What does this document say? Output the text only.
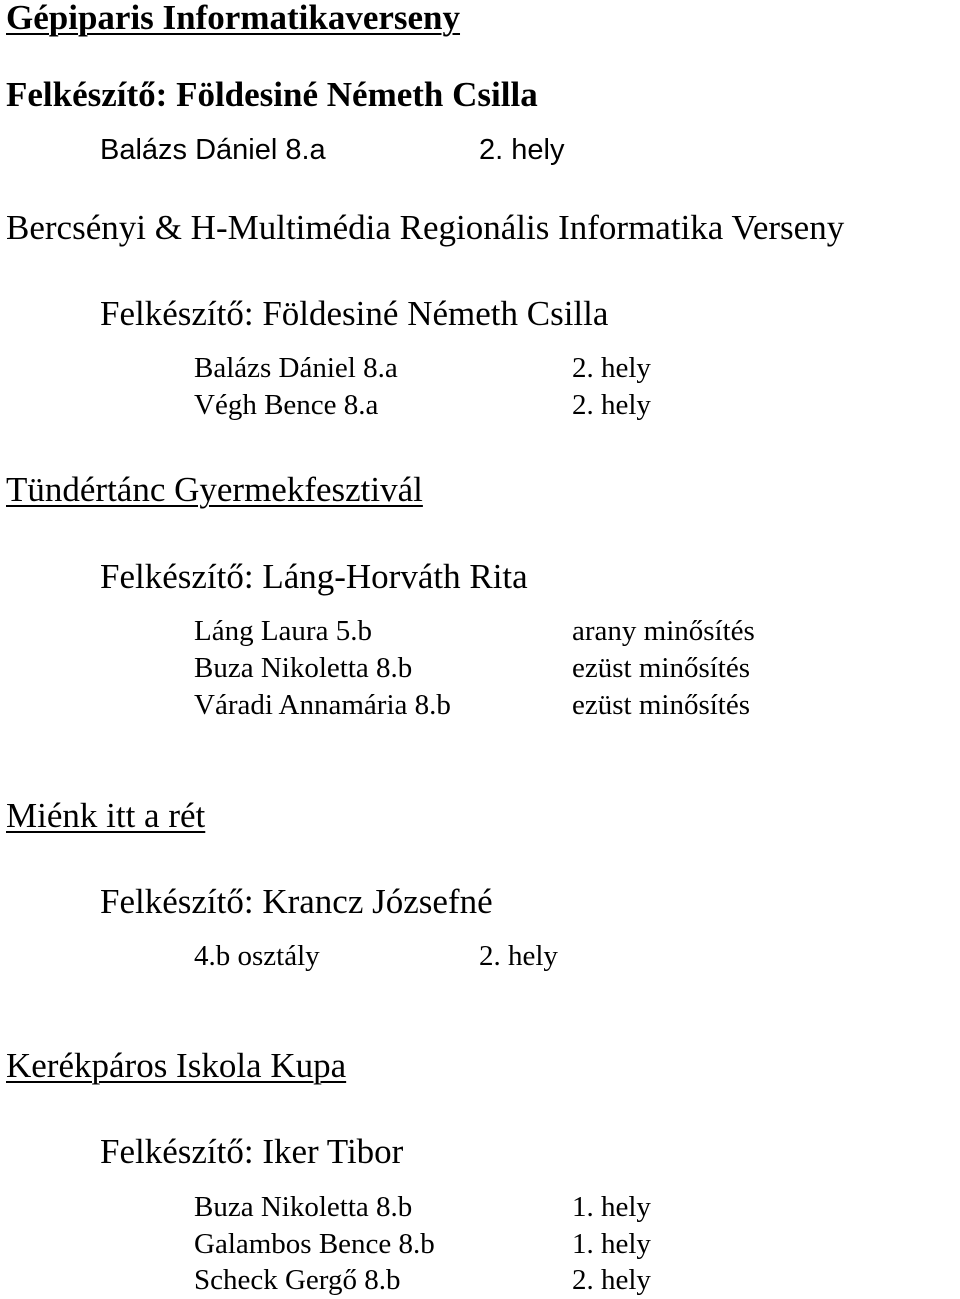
Gépiparis Informatikaverseny
Felkészítő: Földesiné Németh Csilla
Balázs Dániel 8.a	2. hely
Bercsényi & H-Multimédia Regionális Informatika Verseny
Felkészítő: Földesiné Németh Csilla
Balázs Dániel 8.a	2. hely
Végh Bence 8.a	2. hely
Tündértánc Gyermekfesztivál
Felkészítő: Láng-Horváth Rita
Láng Laura 5.b	arany minősítés
Buza Nikoletta 8.b	ezüst minősítés
Váradi Annamária 8.b	ezüst minősítés
Miénk itt a rét
Felkészítő: Krancz Józsefné
4.b osztály	2. hely
Kerékpáros Iskola Kupa
Felkészítő: Iker Tibor
Buza Nikoletta 8.b	1. hely
Galambos Bence 8.b	1. hely
Scheck Gergő 8.b	2. hely
